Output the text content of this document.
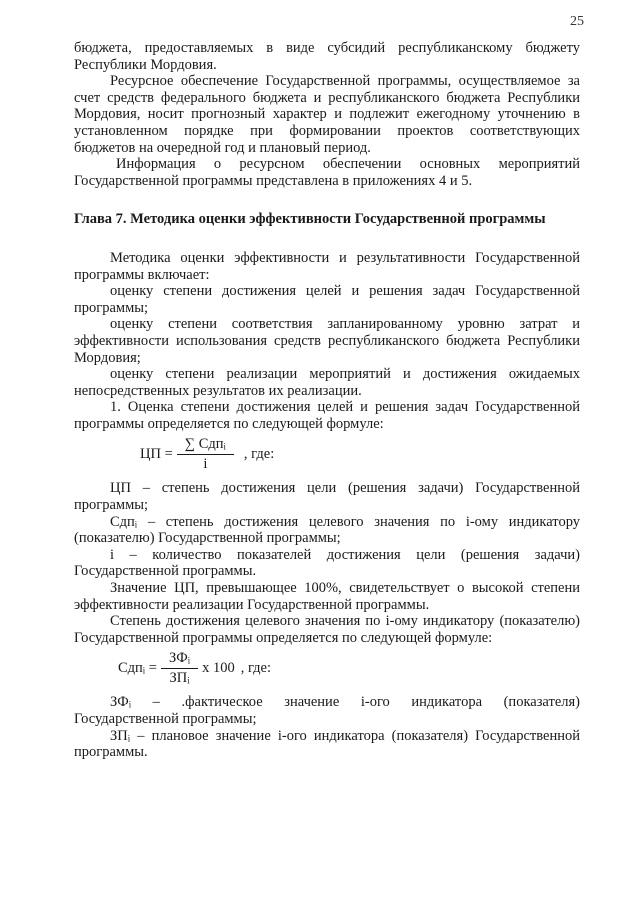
25

бюджета, предоставляемых в виде субсидий республиканскому бюджету Республики Мордовия.

Ресурсное обеспечение Государственной программы, осуществляемое за счет средств федерального бюджета и республиканского бюджета Республики Мордовия, носит прогнозный характер и подлежит ежегодному уточнению в установленном порядке при формировании проектов соответствующих бюджетов на очередной год и плановый период.

Информация о ресурсном обеспечении основных мероприятий Государственной программы представлена в приложениях 4 и 5.

Глава 7. Методика оценки эффективности Государственной программы

Методика оценки эффективности и результативности Государственной программы включает:

оценку степени достижения целей и решения задач Государственной программы;

оценку степени соответствия запланированному уровню затрат и эффективности использования средств республиканского бюджета Республики Мордовия;

оценку степени реализации мероприятий и достижения ожидаемых непосредственных результатов их реализации.

1. Оценка степени достижения целей и решения задач Государственной программы определяется по следующей формуле:

ЦП = $\frac{\text{∑ Сдпᵢ}}{i}$ , где:

ЦП – степень достижения цели (решения задачи) Государственной программы;

Сдпᵢ – степень достижения целевого значения по i-ому индикатору (показателю) Государственной программы;

i – количество показателей достижения цели (решения задачи) Государственной программы.

Значение ЦП, превышающее 100%, свидетельствует о высокой степени эффективности реализации Государственной программы.

Степень достижения целевого значения по i-ому индикатору (показателю) Государственной программы определяется по следующей формуле:

Сдпᵢ = $\frac{\text{ЗФᵢ}}{\text{ЗПᵢ}}$ x 100 , где:

ЗФᵢ – .фактическое значение i-ого индикатора (показателя) Государственной программы;

ЗПᵢ – плановое значение i-ого индикатора (показателя) Государственной программы.
